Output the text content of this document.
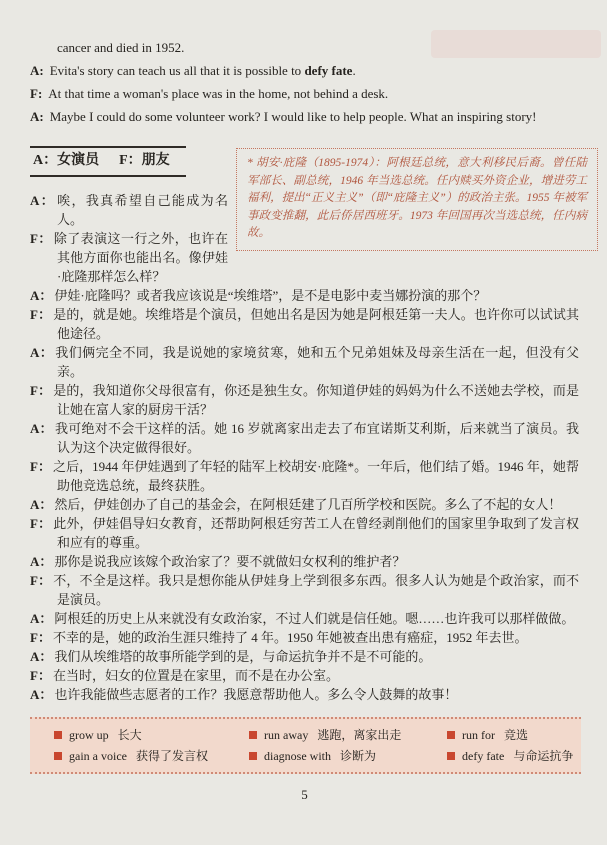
cancer and died in 1952.

A: Evita's story can teach us all that it is possible to defy fate.

F: At that time a woman's place was in the home, not behind a desk.

A: Maybe I could do some volunteer work? I would like to help people. What an inspiring story!

* 胡安·庇隆（1895-1974）：阿根廷总统，意大利移民后裔。曾任陆军部长、副总统，1946 年当选总统。任内赎买外资企业，增进劳工福利，提出“正义主义”（即“庇隆主义”）的政治主张。1955 年被军事政变推翻，此后侨居西班牙。1973 年回国再次当选总统，任内病故。
A：女演员 F：朋友

A： 唉，我真希望自己能成为名人。

F： 除了表演这一行之外，也许在其他方面你也能出名。像伊娃·庇隆那样怎么样？

A： 伊娃·庇隆吗？或者我应该说是“埃维塔”，是不是电影中麦当娜扮演的那个？

F： 是的，就是她。埃维塔是个演员，但她出名是因为她是阿根廷第一夫人。也许你可以试试其他途径。

A： 我们俩完全不同，我是说她的家境贫寒，她和五个兄弟姐妹及母亲生活在一起，但没有父亲。

F： 是的，我知道你父母很富有，你还是独生女。你知道伊娃的妈妈为什么不送她去学校，而是让她在富人家的厨房干活？

A： 我可绝对不会干这样的活。她 16 岁就离家出走去了布宜诺斯艾利斯，后来就当了演员。我认为这个决定做得很好。

F： 之后，1944 年伊娃遇到了年轻的陆军上校胡安·庇隆*。一年后，他们结了婚。1946 年，她帮助他竞选总统，最终获胜。

A： 然后，伊娃创办了自己的基金会，在阿根廷建了几百所学校和医院。多么了不起的女人！

F： 此外，伊娃倡导妇女教育，还帮助阿根廷穷苦工人在曾经剥削他们的国家里争取到了发言权和应有的尊重。

A： 那你是说我应该嫁个政治家了？要不就做妇女权利的维护者？

F： 不，不全是这样。我只是想你能从伊娃身上学到很多东西。很多人认为她是个政治家，而不是演员。

A： 阿根廷的历史上从来就没有女政治家，不过人们就是信任她。嗯……也许我可以那样做做。

F： 不幸的是，她的政治生涯只维持了 4 年。1950 年她被查出患有癌症，1952 年去世。

A： 我们从埃维塔的故事所能学到的是，与命运抗争并不是不可能的。

F： 在当时，妇女的位置是在家里，而不是在办公室。

A： 也许我能做些志愿者的工作？我愿意帮助他人。多么令人鼓舞的故事！

grow up 长大	run away 逃跑，离家出走	run for 竞选
gain a voice 获得了发言权	diagnose with 诊断为	defy fate 与命运抗争
5
